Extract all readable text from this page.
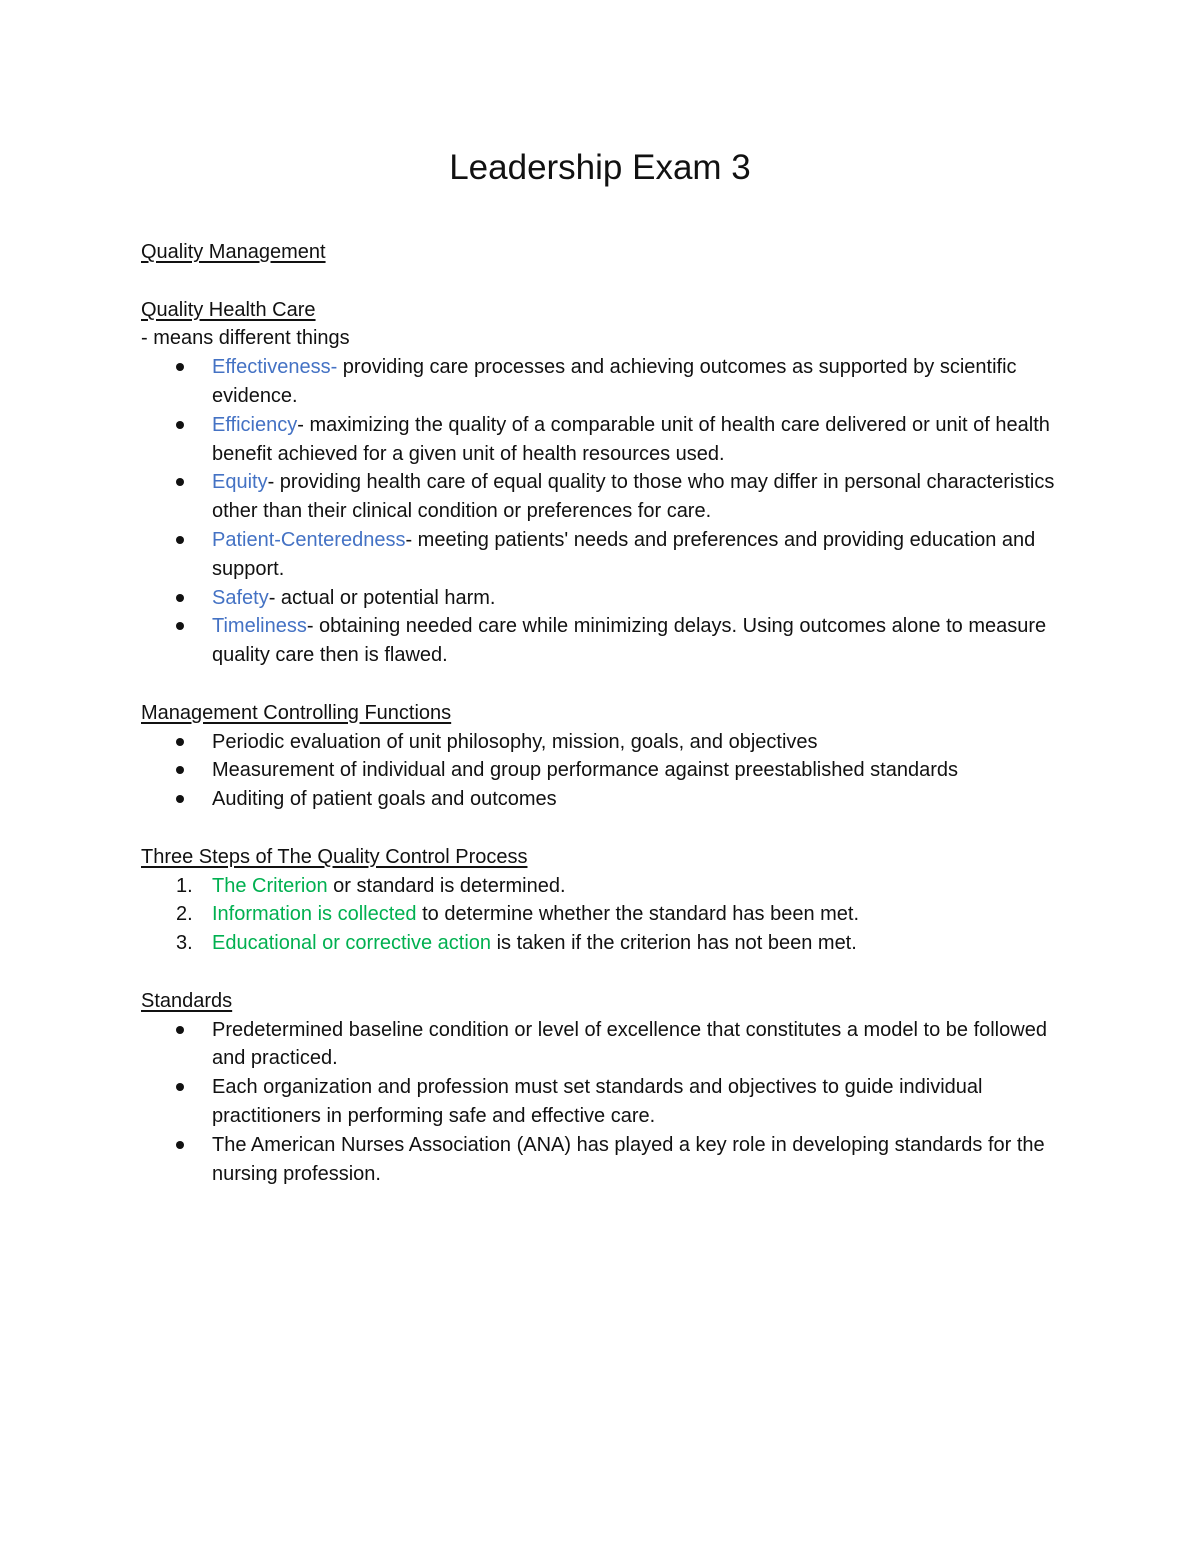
Leadership Exam 3
Quality Management
Quality Health Care
- means different things
Effectiveness- providing care processes and achieving outcomes as supported by scientific evidence.
Efficiency- maximizing the quality of a comparable unit of health care delivered or unit of health benefit achieved for a given unit of health resources used.
Equity- providing health care of equal quality to those who may differ in personal characteristics other than their clinical condition or preferences for care.
Patient-Centeredness- meeting patients' needs and preferences and providing education and support.
Safety- actual or potential harm.
Timeliness- obtaining needed care while minimizing delays. Using outcomes alone to measure quality care then is flawed.
Management Controlling Functions
Periodic evaluation of unit philosophy, mission, goals, and objectives
Measurement of individual and group performance against preestablished standards
Auditing of patient goals and outcomes
Three Steps of The Quality Control Process
1. The Criterion or standard is determined.
2. Information is collected to determine whether the standard has been met.
3. Educational or corrective action is taken if the criterion has not been met.
Standards
Predetermined baseline condition or level of excellence that constitutes a model to be followed and practiced.
Each organization and profession must set standards and objectives to guide individual practitioners in performing safe and effective care.
The American Nurses Association (ANA) has played a key role in developing standards for the nursing profession.
